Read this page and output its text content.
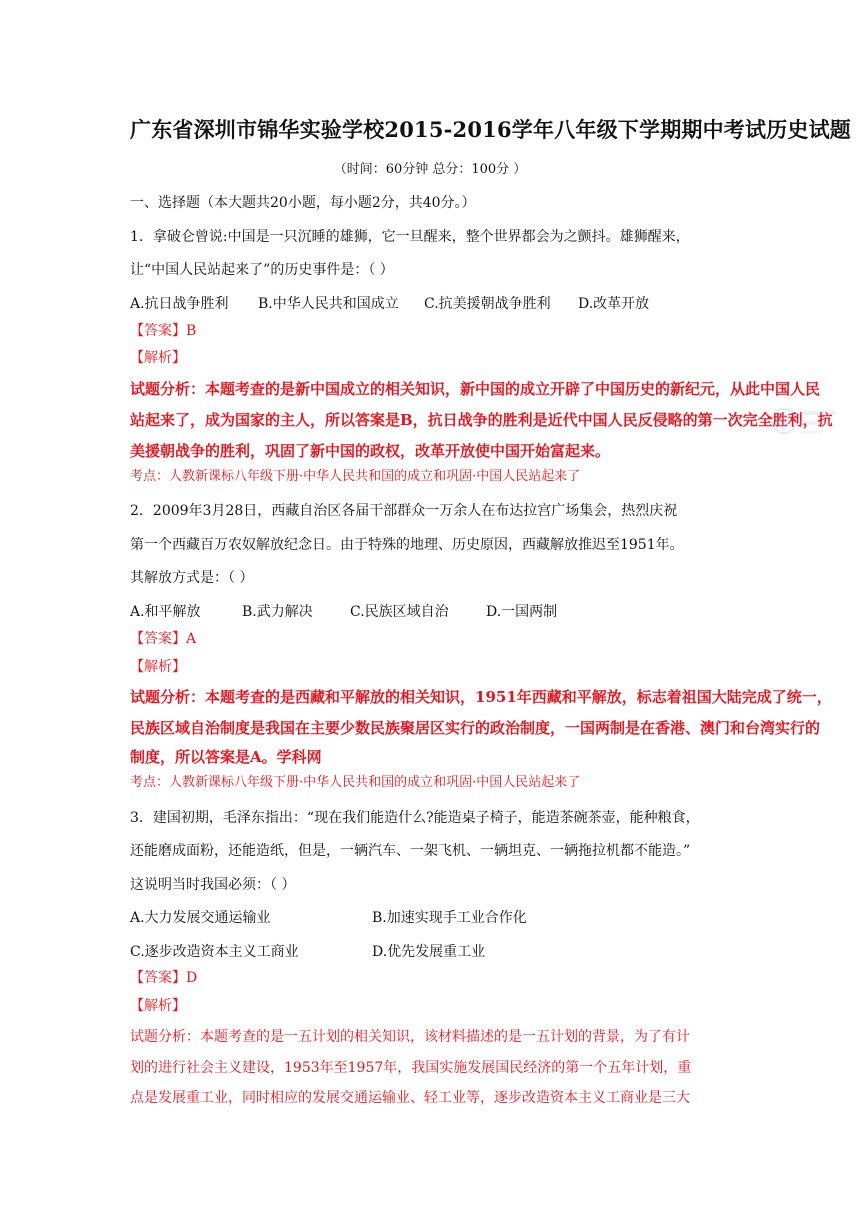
广东省深圳市锦华实验学校2015-2016学年八年级下学期期中考试历史试题
（时间：60分钟 总分：100分 ）
一、选择题（本大题共20小题，每小题2分，共40分。）
1．拿破仑曾说:中国是一只沉睡的雄狮，它一旦醒来，整个世界都会为之颤抖。雄狮醒来，
让“中国人民站起来了”的历史事件是：（ ）
A.抗日战争胜利 B.中华人民共和国成立 C.抗美援朝战争胜利 D.改革开放
【答案】B
【解析】
试题分析：本题考查的是新中国成立的相关知识，新中国的成立开辟了中国历史的新纪元，从此中国人民
站起来了，成为国家的主人，所以答案是B，抗日战争的胜利是近代中国人民反侵略的第一次完全胜利，抗
美援朝战争的胜利，巩固了新中国的政权，改革开放使中国开始富起来。
考点：人教新课标八年级下册·中华人民共和国的成立和巩固·中国人民站起来了
2．2009年3月28日，西藏自治区各届干部群众一万余人在布达拉宫广场集会，热烈庆祝
第一个西藏百万农奴解放纪念日。由于特殊的地理、历史原因，西藏解放推迟至1951年。
其解放方式是：（ ）
A.和平解放	B.武力解决	C.民族区域自治	D.一国两制
【答案】A
【解析】
试题分析：本题考查的是西藏和平解放的相关知识，1951年西藏和平解放，标志着祖国大陆完成了统一，
民族区域自治制度是我国在主要少数民族聚居区实行的政治制度，一国两制是在香港、澳门和台湾实行的
制度，所以答案是A。学科网
考点：人教新课标八年级下册·中华人民共和国的成立和巩固·中国人民站起来了
3．建国初期，毛泽东指出：“现在我们能造什么?能造桌子椅子，能造茶碗茶壶，能种粮食，
还能磨成面粉，还能造纸，但是，一辆汽车、一架飞机、一辆坦克、一辆拖拉机都不能造。”
这说明当时我国必须：（ ）
A.大力发展交通运输业	B.加速实现手工业合作化
C.逐步改造资本主义工商业	D.优先发展重工业
【答案】D
【解析】
试题分析：本题考查的是一五计划的相关知识，该材料描述的是一五计划的背景，为了有计
划的进行社会主义建设，1953年至1957年，我国实施发展国民经济的第一个五年计划，重
点是发展重工业，同时相应的发展交通运输业、轻工业等，逐步改造资本主义工商业是三大
